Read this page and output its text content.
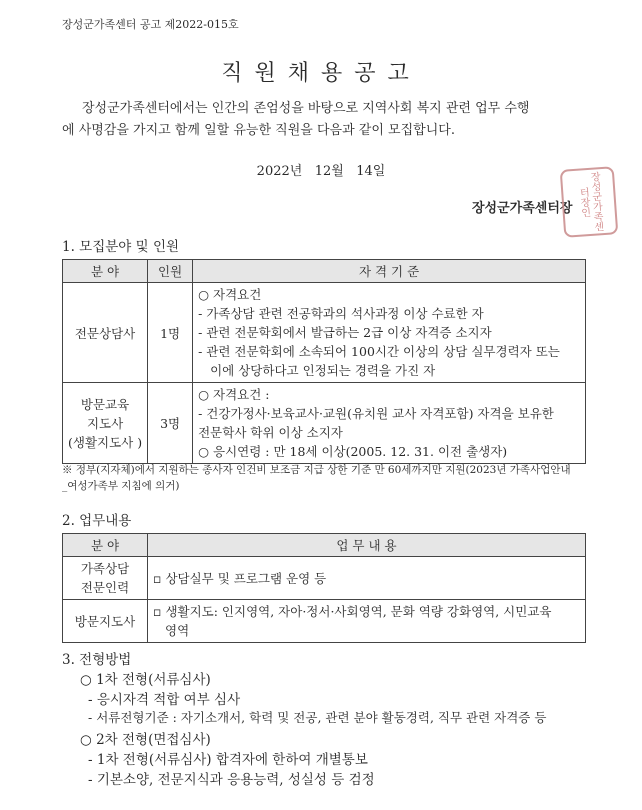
장성군가족센터 공고 제2022-015호
직원채용공고
장성군가족센터에서는 인간의 존엄성을 바탕으로 지역사회 복지 관련 업무 수행
에 사명감을 가지고 함께 일할 유능한 직원을 다음과 같이 모집합니다.
2022년   12월   14일
장성군가족센터장	장성군가족센터장인
1. 모집분야 및 인원
분 야	인원	자 격 기 준
전문상담사	1명	○ 자격요건
- 가족상담 관련 전공학과의 석사과정 이상 수료한 자
- 관련 전문학회에서 발급하는 2급 이상 자격증 소지자
- 관련 전문학회에 소속되어 100시간 이상의 상담 실무경력자 또는
이에 상당하다고 인정되는 경력을 가진 자

방문교육
지도사
(생활지도사 )	3명	○ 자격요건 :
- 건강가정사·보육교사·교원(유치원 교사 자격포함) 자격을 보유한
전문학사 학위 이상 소지자
○ 응시연령 : 만 18세 이상(2005. 12. 31. 이전 출생자)
※ 정부(지자체)에서 지원하는 종사자 인건비 보조금 지급 상한 기준 만 60세까지만 지원(2023년 가족사업안내
_여성가족부 지침에 의거)
2. 업무내용
분 야	업 무 내 용

가족상담
전문인력	▫ 상담실무 및 프로그램 운영 등
방문지도사	▫ 생활지도: 인지영역, 자아·정서·사회영역, 문화 역량 강화영역, 시민교육
영역
3. 전형방법
○ 1차 전형(서류심사)
- 응시자격 적합 여부 심사
- 서류전형기준 : 자기소개서, 학력 및 전공, 관련 분야 활동경력, 직무 관련 자격증 등
○ 2차 전형(면접심사)
- 1차 전형(서류심사) 합격자에 한하여 개별통보
- 기본소양, 전문지식과 응용능력, 성실성 등 검정
